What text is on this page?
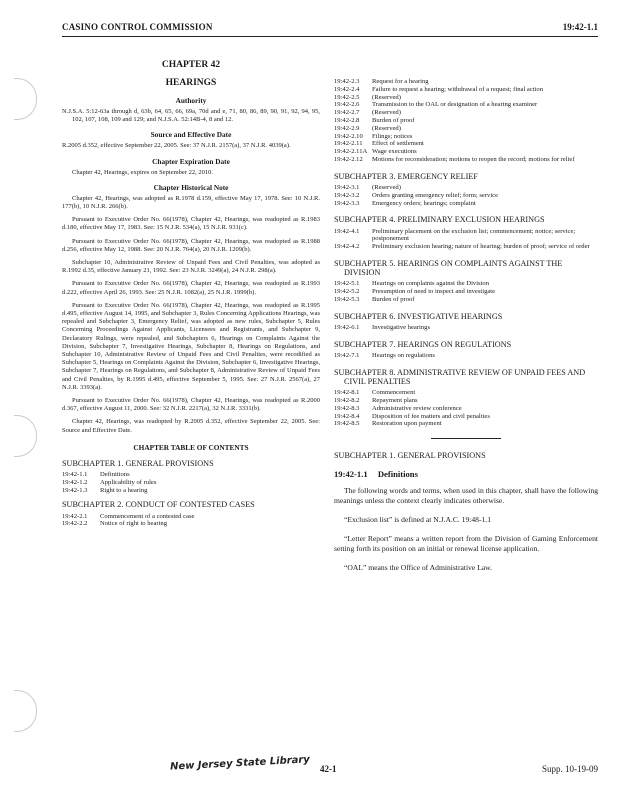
CASINO CONTROL COMMISSION	19:42-1.1
CHAPTER 42
HEARINGS
Authority
N.J.S.A. 5:12-63a through d, 63b, 64, 65, 66, 69a, 70d and e, 71, 80, 86, 89, 90, 91, 92, 94, 95, 102, 107, 108, 109 and 129; and N.J.S.A. 52:14B-4, 8 and 12.
Source and Effective Date
R.2005 d.352, effective September 22, 2005. See: 37 N.J.R. 2157(a), 37 N.J.R. 4039(a).
Chapter Expiration Date
Chapter 42, Hearings, expires on September 22, 2010.
Chapter Historical Note
Chapter 42, Hearings, was adopted as R.1978 d.159, effective May 17, 1978. See: 10 N.J.R. 177(b), 10 N.J.R. 266(b).
Pursuant to Executive Order No. 66(1978), Chapter 42, Hearings, was readopted as R.1983 d.180, effective May 17, 1983. See: 15 N.J.R. 534(a), 15 N.J.R. 931(c).
Pursuant to Executive Order No. 66(1978), Chapter 42, Hearings, was readopted as R.1988 d.256, effective May 12, 1988. See: 20 N.J.R. 764(a), 20 N.J.R. 1209(b).
Subchapter 10, Administrative Review of Unpaid Fees and Civil Penalties, was adopted as R.1992 d.35, effective January 21, 1992. See: 23 N.J.R. 3249(a), 24 N.J.R. 298(a).
Pursuant to Executive Order No. 66(1978), Chapter 42, Hearings, was readopted as R.1993 d.222, effective April 26, 1993. See: 25 N.J.R. 1082(a), 25 N.J.R. 1999(b).
Pursuant to Executive Order No. 66(1978), Chapter 42, Hearings, was readopted as R.1995 d.495, effective August 14, 1995, and Subchapter 3, Rules Concerning Applications Hearings, was repealed and Subchapter 3, Emergency Relief, was adopted as new rules, Subchapter 5, Rules Concerning Proceedings Against Applicants, Licensees and Registrants, and Subchapter 9, Declaratory Rulings, were repealed, and Subchapters 6, Hearings on Complaints Against the Division, Subchapter 7, Investigative Hearings, Subchapter 8, Hearings on Regulations, and Subchapter 10, Administrative Review of Unpaid Fees and Civil Penalties, were recodified as Subchapter 5, Hearings on Complaints Against the Division, Subchapter 6, Investigative Hearings, Subchapter 7, Hearings on Regulations, and Subchapter 8, Administrative Review of Unpaid Fees and Civil Penalties, by R.1995 d.495, effective September 5, 1995. See: 27 N.J.R. 2567(a), 27 N.J.R. 3393(a).
Pursuant to Executive Order No. 66(1978), Chapter 42, Hearings, was readopted as R.2000 d.367, effective August 11, 2000. See: 32 N.J.R. 2217(a), 32 N.J.R. 3331(b).
Chapter 42, Hearings, was readopted by R.2005 d.352, effective September 22, 2005. See: Source and Effective Date.
CHAPTER TABLE OF CONTENTS
SUBCHAPTER 1. GENERAL PROVISIONS
19:42-1.1	Definitions
19:42-1.2	Applicability of rules
19:42-1.3	Right to a hearing
SUBCHAPTER 2. CONDUCT OF CONTESTED CASES
19:42-2.1	Commencement of a contested case
19:42-2.2	Notice of right to hearing
19:42-2.3	Request for a hearing
19:42-2.4	Failure to request a hearing; withdrawal of a request; final action
19:42-2.5	(Reserved)
19:42-2.6	Transmission to the OAL or designation of a hearing examiner
19:42-2.7	(Reserved)
19:42-2.8	Burden of proof
19:42-2.9	(Reserved)
19:42-2.10	Filings; notices
19:42-2.11	Effect of settlement
19:42-2.11A Wage executions
19:42-2.12	Motions for reconsideration; motions to reopen the record; motions for relief
SUBCHAPTER 3. EMERGENCY RELIEF
19:42-3.1	(Reserved)
19:42-3.2	Orders granting emergency relief; form; service
19:42-3.3	Emergency orders; hearings; complaint
SUBCHAPTER 4. PRELIMINARY EXCLUSION HEARINGS
19:42-4.1	Preliminary placement on the exclusion list; commencement; notice; service; postponement
19:42-4.2	Preliminary exclusion hearing; nature of hearing; burden of proof; service of order
SUBCHAPTER 5. HEARINGS ON COMPLAINTS AGAINST THE DIVISION
19:42-5.1	Hearings on complaints against the Division
19:42-5.2	Presumption of need to inspect and investigate
19:42-5.3	Burden of proof
SUBCHAPTER 6. INVESTIGATIVE HEARINGS
19:42-6.1	Investigative hearings
SUBCHAPTER 7. HEARINGS ON REGULATIONS
19:42-7.1	Hearings on regulations
SUBCHAPTER 8. ADMINISTRATIVE REVIEW OF UNPAID FEES AND CIVIL PENALTIES
19:42-8.1	Commencement
19:42-8.2	Repayment plans
19:42-8.3	Administrative review conference
19:42-8.4	Disposition of fee matters and civil penalties
19:42-8.5	Restoration upon payment
SUBCHAPTER 1. GENERAL PROVISIONS
19:42-1.1 Definitions
The following words and terms, when used in this chapter, shall have the following meanings unless the context clearly indicates otherwise.
“Exclusion list” is defined at N.J.A.C. 19:48-1.1
“Letter Report” means a written report from the Division of Gaming Enforcement setting forth its position on an initial or renewal license application.
“OAL” means the Office of Administrative Law.
New Jersey State Library 42-1	Supp. 10-19-09
